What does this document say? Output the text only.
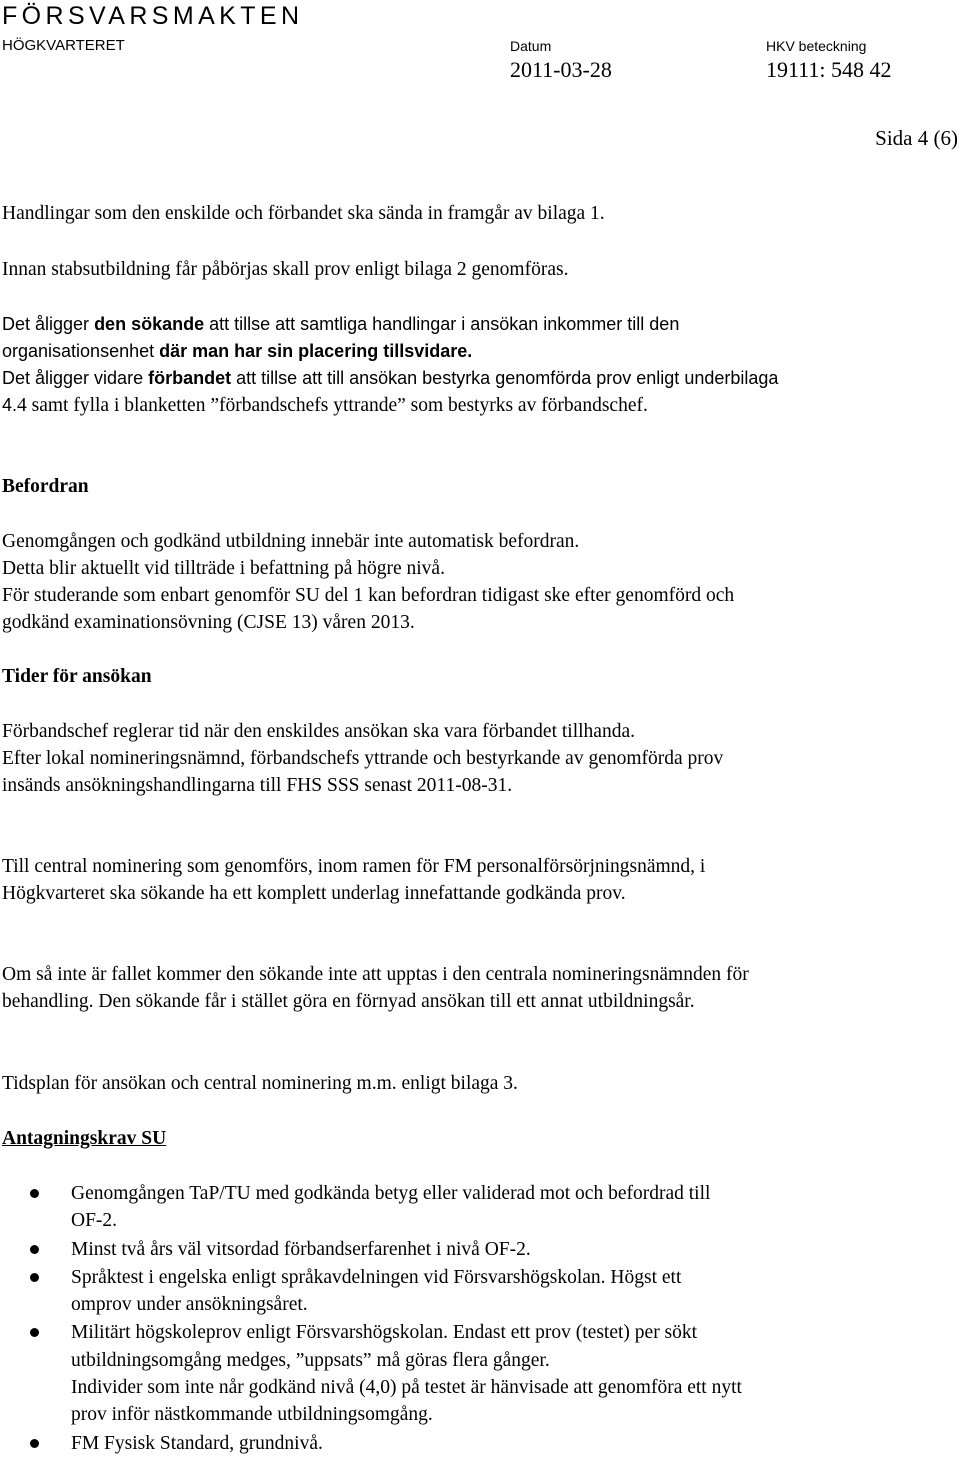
FÖRSVARSMAKTEN
HÖGKVARTERET	Datum
2011-03-28
HKV beteckning
19111: 548 42
Sida 4 (6)

Handlingar som den enskilde och förbandet ska sända in framgår av bilaga 1.

Innan stabsutbildning får påbörjas skall prov enligt bilaga 2 genomföras.

Det åligger den sökande att tillse att samtliga handlingar i ansökan inkommer till den organisationsenhet där man har sin placering tillsvidare.

Det åligger vidare förbandet att tillse att till ansökan bestyrka genomförda prov enligt underbilaga 4.4 samt fylla i blanketten ”förbandschefs yttrande” som bestyrks av förbandschef.

Befordran

Genomgången och godkänd utbildning innebär inte automatisk befordran.

Detta blir aktuellt vid tillträde i befattning på högre nivå.

För studerande som enbart genomför SU del 1 kan befordran tidigast ske efter genomförd och godkänd examinationsövning (CJSE 13) våren 2013.

Tider för ansökan

Förbandschef reglerar tid när den enskildes ansökan ska vara förbandet tillhanda.

Efter lokal nomineringsnämnd, förbandschefs yttrande och bestyrkande av genomförda prov insänds ansökningshandlingarna till FHS SSS senast 2011-08-31.

Till central nominering som genomförs, inom ramen för FM personalförsörjningsnämnd, i Högkvarteret ska sökande ha ett komplett underlag innefattande godkända prov.

Om så inte är fallet kommer den sökande inte att upptas i den centrala nomineringsnämnden för behandling. Den sökande får i stället göra en förnyad ansökan till ett annat utbildningsår.

Tidsplan för ansökan och central nominering m.m. enligt bilaga 3.

Antagningskrav SU

Genomgången TaP/TU med godkända betyg eller validerad mot och befordrad till OF-2.

Minst två års väl vitsordad förbandserfarenhet i nivå OF-2.

Språktest i engelska enligt språkavdelningen vid Försvarshögskolan. Högst ett  omprov under ansökningsåret.

Militärt högskoleprov enligt Försvarshögskolan. Endast ett prov (testet) per sökt utbildningsomgång medges, ”uppsats” må göras flera gånger.

Individer som inte når godkänd nivå (4,0) på testet är hänvisade att genomföra ett nytt prov inför nästkommande utbildningsomgång.

FM Fysisk Standard, grundnivå.
